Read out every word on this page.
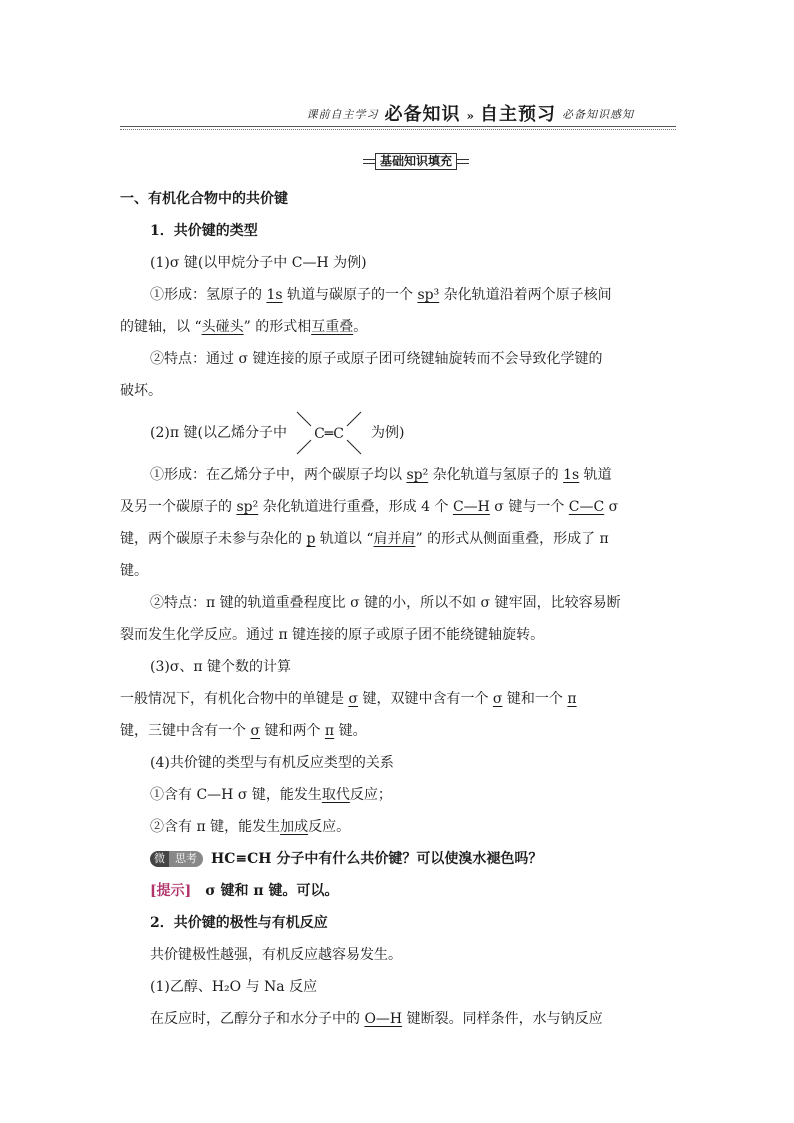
课前自主学习 必备知识 » 自主预习 必备知识感知
基础知识填充
一、有机化合物中的共价键
1．共价键的类型
(1)σ 键(以甲烷分子中 C—H 为例)
①形成：氢原子的 1s 轨道与碳原子的一个 sp³ 杂化轨道沿着两个原子核间
的键轴，以 “头碰头” 的形式相互重叠。
②特点：通过 σ 键连接的原子或原子团可绕键轴旋转而不会导致化学键的
破坏。
(2)π 键(以乙烯分子中 C═C 为例)
①形成：在乙烯分子中，两个碳原子均以 sp² 杂化轨道与氢原子的 1s 轨道
及另一个碳原子的 sp² 杂化轨道进行重叠，形成 4 个 C—H σ 键与一个 C—C σ
键，两个碳原子未参与杂化的 p 轨道以 “肩并肩” 的形式从侧面重叠，形成了 π
键。
②特点：π 键的轨道重叠程度比 σ 键的小，所以不如 σ 键牢固，比较容易断
裂而发生化学反应。通过 π 键连接的原子或原子团不能绕键轴旋转。
(3)σ、π 键个数的计算
一般情况下，有机化合物中的单键是 σ 键，双键中含有一个 σ 键和一个 π
键，三键中含有一个 σ 键和两个 π 键。
(4)共价键的类型与有机反应类型的关系
①含有 C—H σ 键，能发生取代反应；
②含有 π 键，能发生加成反应。
微 思考	HC≡CH 分子中有什么共价键？可以使溴水褪色吗？
[提示] σ 键和 π 键。可以。
2．共价键的极性与有机反应
共价键极性越强，有机反应越容易发生。
(1)乙醇、H₂O 与 Na 反应
在反应时，乙醇分子和水分子中的 O—H 键断裂。同样条件，水与钠反应
